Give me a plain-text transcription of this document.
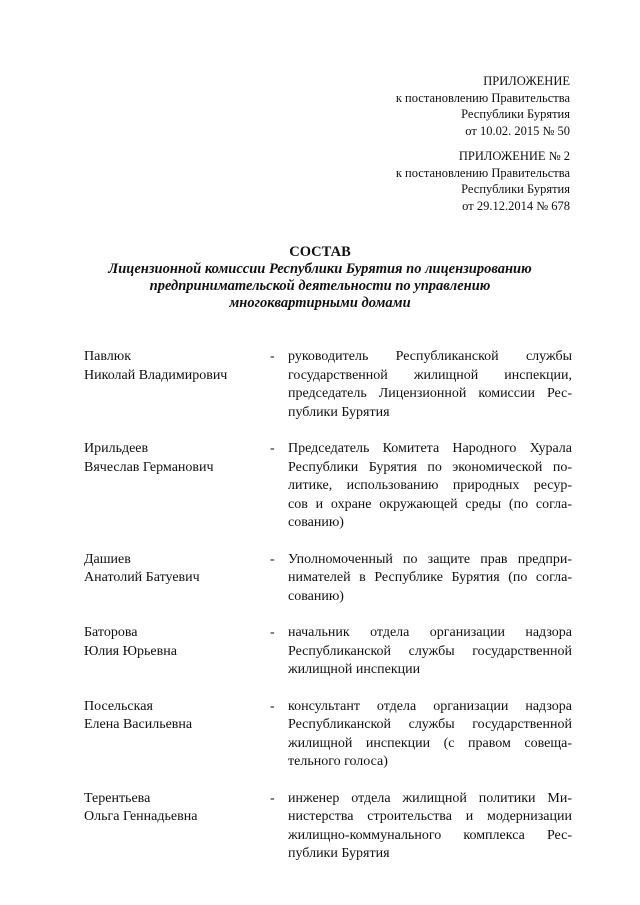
ПРИЛОЖЕНИЕ
к постановлению Правительства
Республики Бурятия
от 10.02. 2015 № 50
ПРИЛОЖЕНИЕ № 2
к постановлению Правительства
Республики Бурятия
от 29.12.2014 № 678
СОСТАВ
Лицензионной комиссии Республики Бурятия по лицензированию
предпринимательской деятельности по управлению
многоквартирными домами
Павлюк
Николай Владимирович
- руководитель Республиканской службы
государственной жилищной инспекции,
председатель Лицензионной комиссии Рес-
публики Бурятия
Ирильдеев
Вячеслав Германович
- Председатель Комитета Народного Хурала
Республики Бурятия по экономической по-
литике, использованию природных ресур-
сов и охране окружающей среды (по согла-
сованию)
Дашиев
Анатолий Батуевич
- Уполномоченный по защите прав предпри-
нимателей в Республике Бурятия (по согла-
сованию)
Баторова
Юлия Юрьевна
- начальник отдела организации надзора
Республиканской службы государственной
жилищной инспекции
Посельская
Елена Васильевна
- консультант отдела организации надзора
Республиканской службы государственной
жилищной инспекции (с правом совеща-
тельного голоса)
Терентьева
Ольга Геннадьевна
- инженер отдела жилищной политики Ми-
нистерства строительства и модернизации
жилищно-коммунального комплекса Рес-
публики Бурятия
